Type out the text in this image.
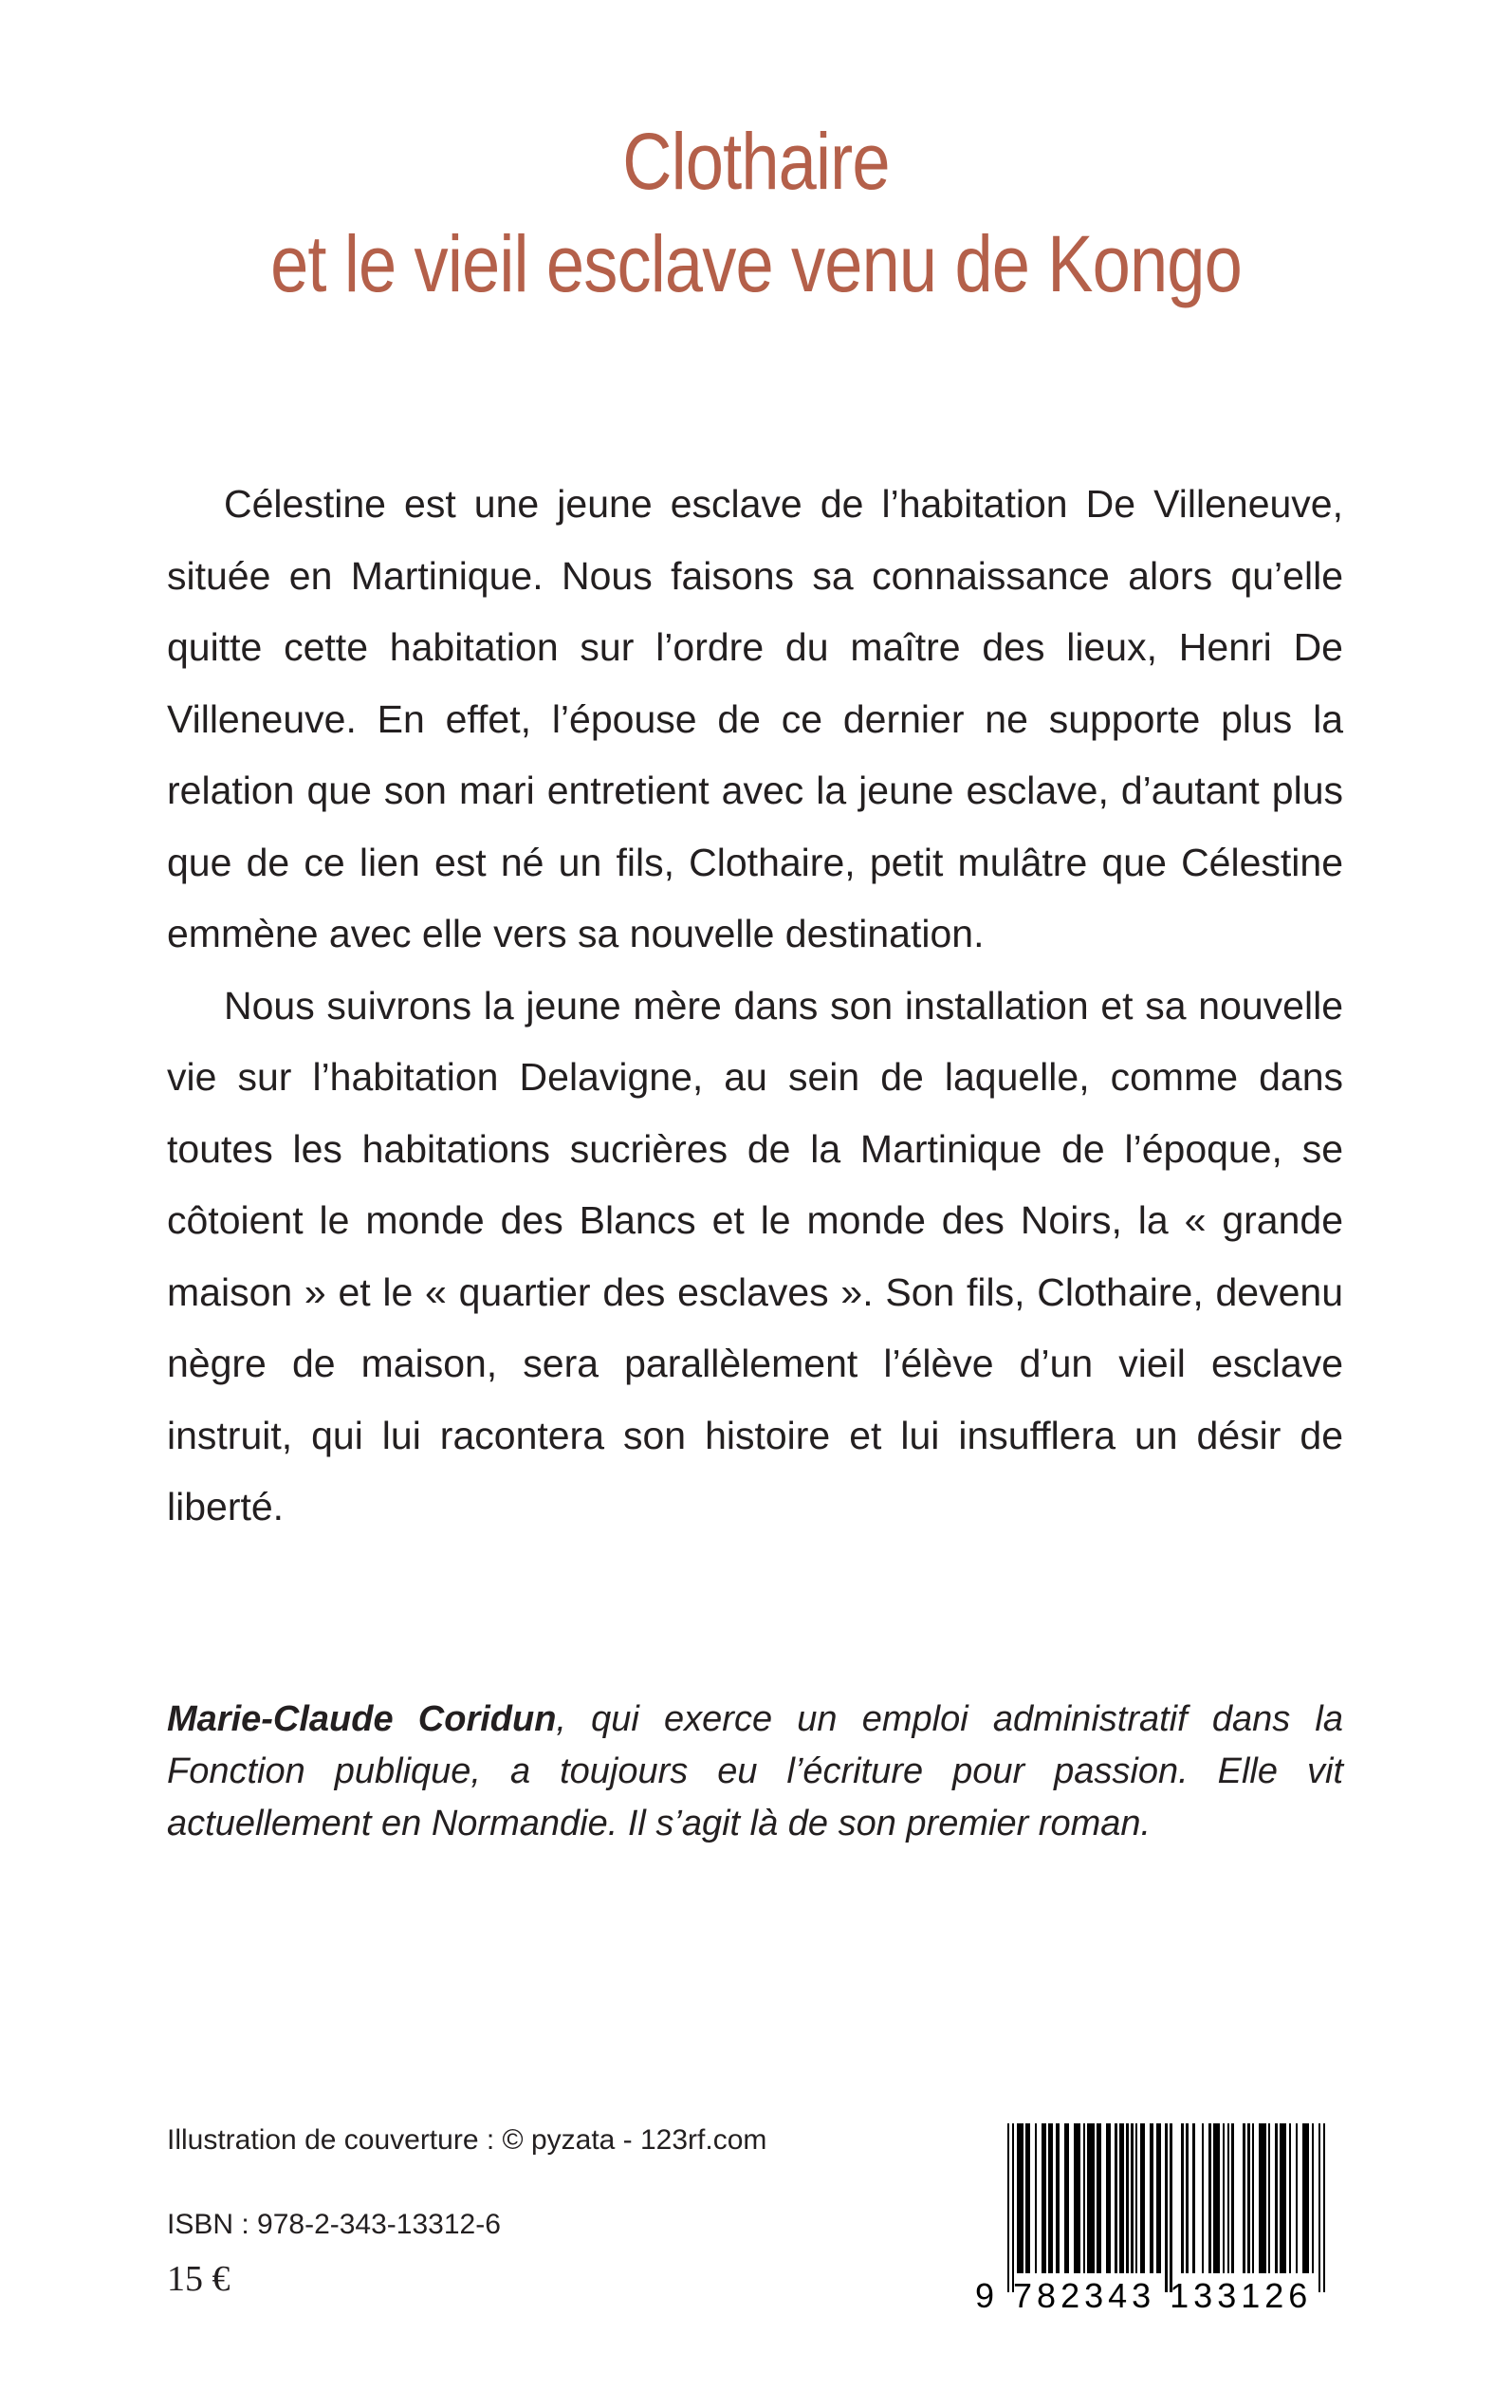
Clothaire
et le vieil esclave venu de Kongo

Célestine est une jeune esclave de l’habitation De Villeneuve, située en Martinique. Nous faisons sa connaissance alors qu’elle quitte cette habitation sur l’ordre du maître des lieux, Henri De Villeneuve. En effet, l’épouse de ce dernier ne supporte plus la relation que son mari entretient avec la jeune esclave, d’autant plus que de ce lien est né un fils, Clothaire, petit mulâtre que Célestine emmène avec elle vers sa nouvelle destination.

Nous suivrons la jeune mère dans son installation et sa nouvelle vie sur l’habitation Delavigne, au sein de laquelle, comme dans toutes les habitations sucrières de la Martinique de l’époque, se côtoient le monde des Blancs et le monde des Noirs, la « grande maison » et le « quartier des esclaves ». Son fils, Clothaire, devenu nègre de maison, sera parallèlement l’élève d’un vieil esclave instruit, qui lui racontera son histoire et lui insufflera un désir de liberté.

Marie-Claude Coridun, qui exerce un emploi administratif dans la Fonction publique, a toujours eu l’écriture pour passion. Elle vit actuellement en Normandie. Il s’agit là de son premier roman.
Illustration de couverture : © pyzata - 123rf.com
ISBN : 978-2-343-13312-6
15 €	9 782343 133126
